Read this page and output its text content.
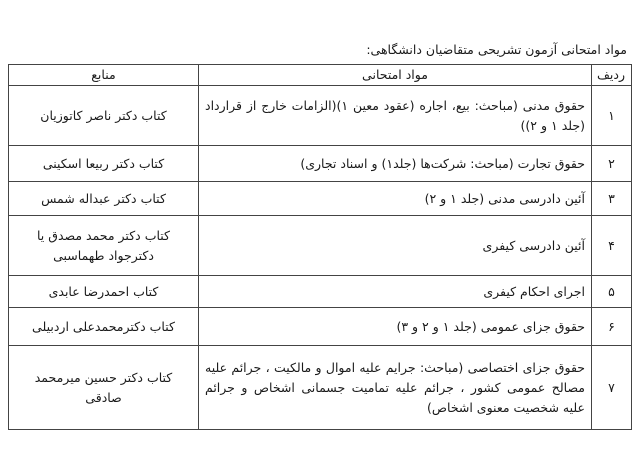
مواد امتحانی آزمون تشریحی متقاضیان دانشگاهی:
ردیف	مواد امتحانی	منابع
۱	حقوق مدنی (مباحث: بیع، اجاره (عقود معین ۱)(الزامات خارج از قرارداد (جلد ۱ و ۲))	کتاب دکتر ناصر کاتوزیان
۲	حقوق تجارت (مباحث: شرکت‌ها (جلد۱) و اسناد تجاری)	کتاب دکتر ربیعا اسکینی
۳	آئین دادرسی مدنی (جلد ۱ و ۲)	کتاب دکتر عبداله شمس
۴	آئین دادرسی کیفری	کتاب دکتر محمد مصدق یا دکترجواد طهماسبی
۵	اجرای احکام کیفری	کتاب احمدرضا عابدی
۶	حقوق جزای عمومی (جلد ۱ و ۲ و ۳)	کتاب دکترمحمدعلی اردبیلی
۷	حقوق جزای اختصاصی (مباحث: جرایم علیه اموال و مالکیت ، جرائم علیه مصالح عمومی کشور ، جرائم علیه تمامیت جسمانی اشخاص و جرائم علیه شخصیت معنوی اشخاص)	کتاب دکتر حسین میرمحمد صادقی
